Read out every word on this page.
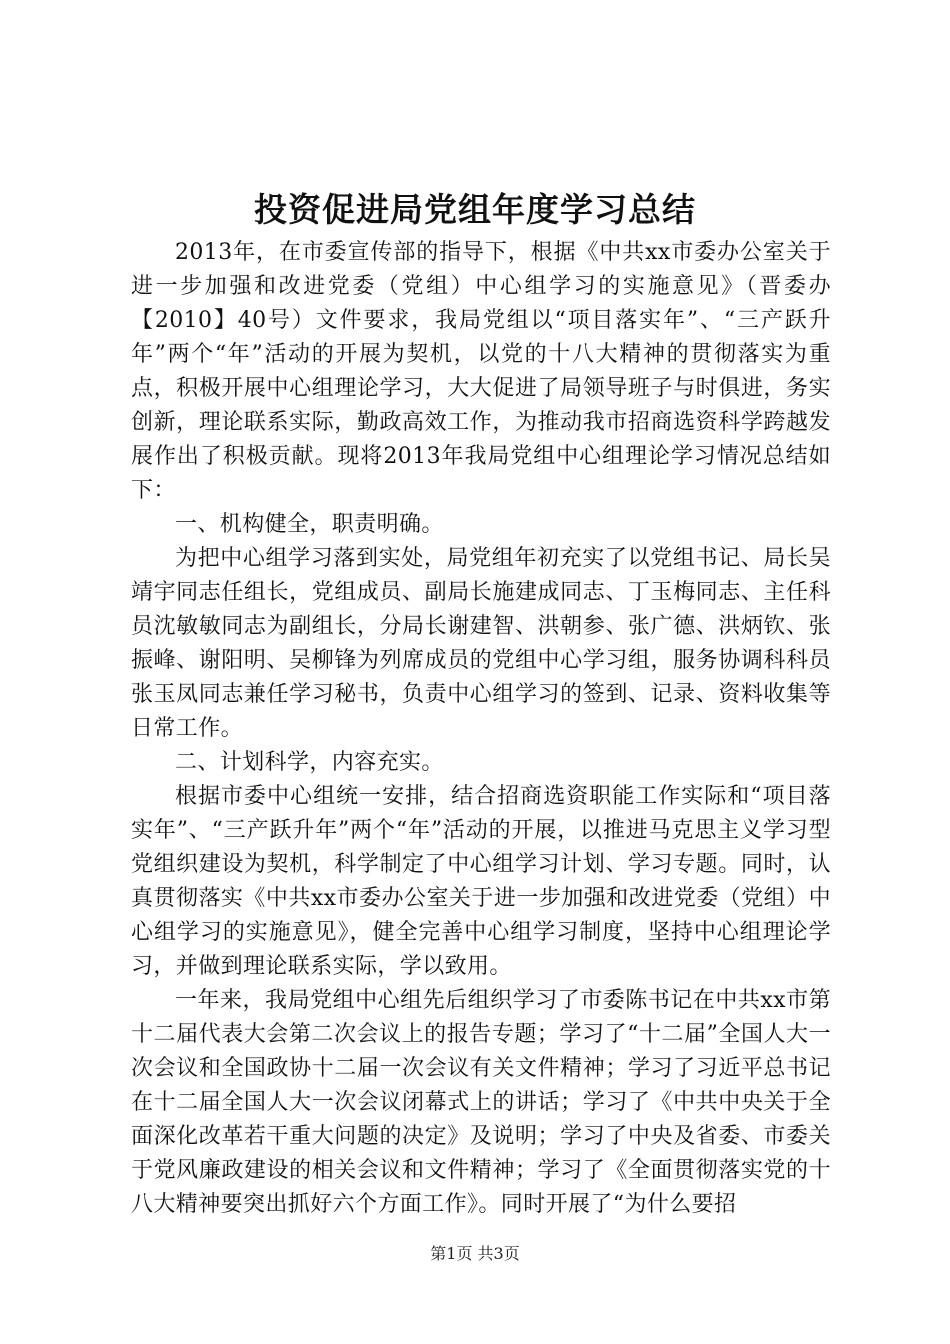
投资促进局党组年度学习总结

2013年，在市委宣传部的指导下，根据《中共xx市委办公室关于进一步加强和改进党委（党组）中心组学习的实施意见》（晋委办【2010】40号）文件要求，我局党组以“项目落实年”、“三产跃升年”两个“年”活动的开展为契机，以党的十八大精神的贯彻落实为重点，积极开展中心组理论学习，大大促进了局领导班子与时俱进，务实创新，理论联系实际，勤政高效工作，为推动我市招商选资科学跨越发展作出了积极贡献。现将2013年我局党组中心组理论学习情况总结如下：

一、机构健全，职责明确。

为把中心组学习落到实处，局党组年初充实了以党组书记、局长吴靖宇同志任组长，党组成员、副局长施建成同志、丁玉梅同志、主任科员沈敏敏同志为副组长，分局长谢建智、洪朝参、张广德、洪炳钦、张振峰、谢阳明、吴柳锋为列席成员的党组中心学习组，服务协调科科员张玉凤同志兼任学习秘书，负责中心组学习的签到、记录、资料收集等日常工作。

二、计划科学，内容充实。

根据市委中心组统一安排，结合招商选资职能工作实际和“项目落实年”、“三产跃升年”两个“年”活动的开展，以推进马克思主义学习型党组织建设为契机，科学制定了中心组学习计划、学习专题。同时，认真贯彻落实《中共xx市委办公室关于进一步加强和改进党委（党组）中心组学习的实施意见》，健全完善中心组学习制度，坚持中心组理论学习，并做到理论联系实际，学以致用。

一年来，我局党组中心组先后组织学习了市委陈书记在中共xx市第十二届代表大会第二次会议上的报告专题；学习了“十二届”全国人大一次会议和全国政协十二届一次会议有关文件精神；学习了习近平总书记在十二届全国人大一次会议闭幕式上的讲话；学习了《中共中央关于全面深化改革若干重大问题的决定》及说明；学习了中央及省委、市委关于党风廉政建设的相关会议和文件精神；学习了《全面贯彻落实党的十八大精神要突出抓好六个方面工作》。同时开展了“为什么要招

第1页 共3页
